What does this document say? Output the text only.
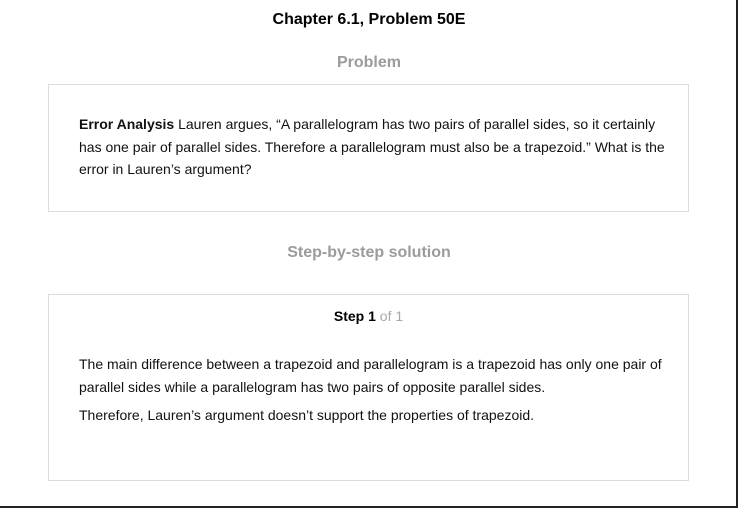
Chapter 6.1, Problem 50E
Problem
Error Analysis Lauren argues, “A parallelogram has two pairs of parallel sides, so it certainly has one pair of parallel sides. Therefore a parallelogram must also be a trapezoid.” What is the error in Lauren’s argument?
Step-by-step solution
Step 1 of 1

The main difference between a trapezoid and parallelogram is a trapezoid has only one pair of parallel sides while a parallelogram has two pairs of opposite parallel sides.

Therefore, Lauren’s argument doesn’t support the properties of trapezoid.
